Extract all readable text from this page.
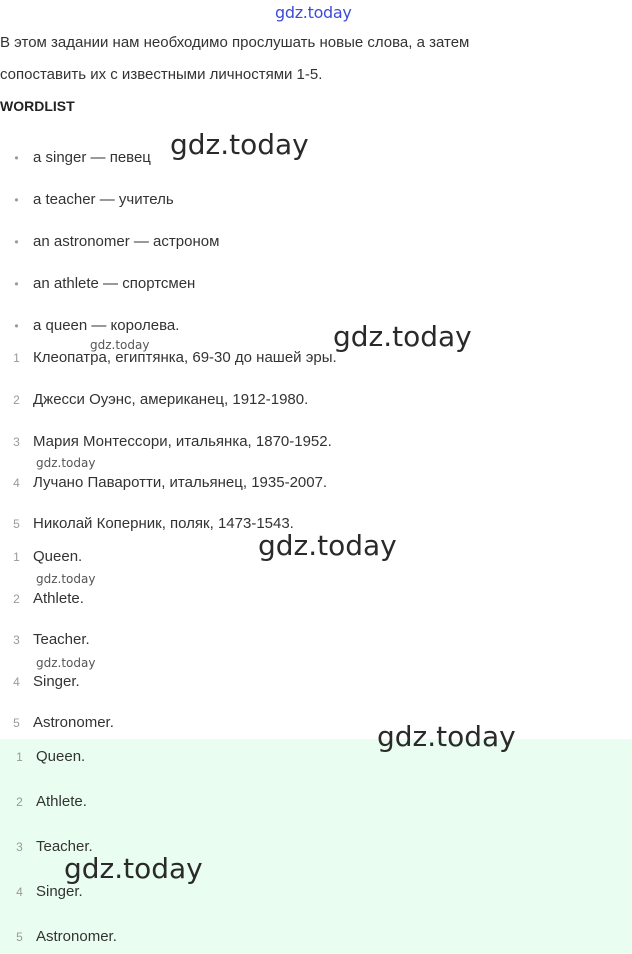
gdz.today
В этом задании нам необходимо прослушать новые слова, а затем
сопоставить их с известными личностями 1-5.
WORDLIST
• a singer — певец
• a teacher — учитель
• an astronomer — астроном
• an athlete — спортсмен
• a queen — королева.
1 Клеопатра, египтянка, 69-30 до нашей эры.
2 Джесси Оуэнс, американец, 1912-1980.
3 Мария Монтессори, итальянка, 1870-1952.
4 Лучано Паваротти, итальянец, 1935-2007.
5 Николай Коперник, поляк, 1473-1543.
1 Queen.
2 Athlete.
3 Teacher.
4 Singer.
5 Astronomer.
1 Queen.
2 Athlete.
3 Teacher.
4 Singer.
5 Astronomer.
gdz.today
gdz.today
gdz.today
gdz.today
gdz.today
gdz.today
gdz.today
gdz.today
gdz.today
